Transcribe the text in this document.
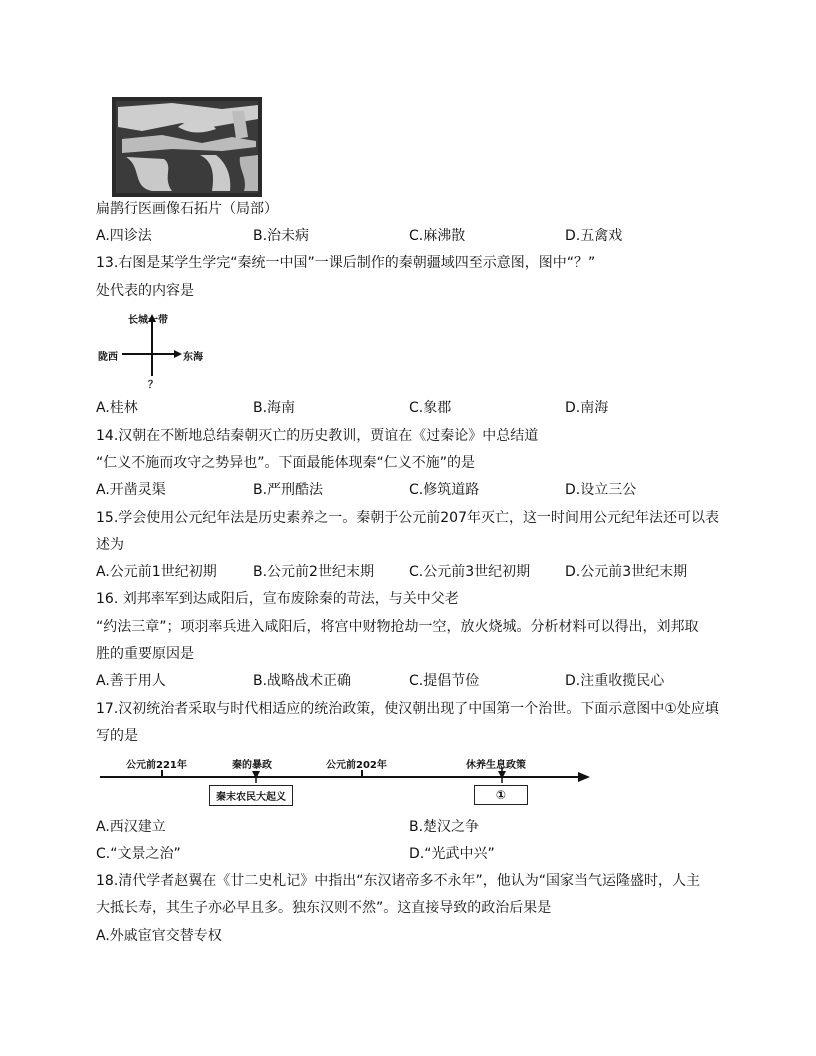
扁鹊行医画像石拓片（局部）
A.四诊法	B.治未病	C.麻沸散	D.五禽戏
13.右图是某学生学完“秦统一中国”一课后制作的秦朝疆域四至示意图，图中“？”
处代表的内容是
长城一带
陇西	东海
？
A.桂林	B.海南	C.象郡	D.南海
14.汉朝在不断地总结秦朝灭亡的历史教训，贾谊在《过秦论》中总结道
“仁义不施而攻守之势异也”。下面最能体现秦“仁义不施”的是
A.开凿灵渠	B.严刑酷法	C.修筑道路	D.设立三公
15.学会使用公元纪年法是历史素养之一。秦朝于公元前207年灭亡，这一时间用公元纪年法还可以表
述为
A.公元前1世纪初期	B.公元前2世纪末期	C.公元前3世纪初期 D.公元前3世纪末期
16. 刘邦率军到达咸阳后，宣布废除秦的苛法，与关中父老
“约法三章”；项羽率兵进入咸阳后，将宫中财物抢劫一空，放火烧城。分析材料可以得出，刘邦取
胜的重要原因是
A.善于用人	B.战略战术正确	C.提倡节俭	D.注重收揽民心
17.汉初统治者采取与时代相适应的统治政策，使汉朝出现了中国第一个治世。下面示意图中①处应填
写的是
公元前221年	秦的暴政	公元前202年	休养生息政策
秦末农民大起义	①
A.西汉建立	B.楚汉之争
C.“文景之治”	D.“光武中兴”
18.清代学者赵翼在《廿二史札记》中指出“东汉诸帝多不永年”，他认为“国家当气运隆盛时，人主
大抵长寿，其生子亦必早且多。独东汉则不然”。这直接导致的政治后果是
A.外戚宦官交替专权
